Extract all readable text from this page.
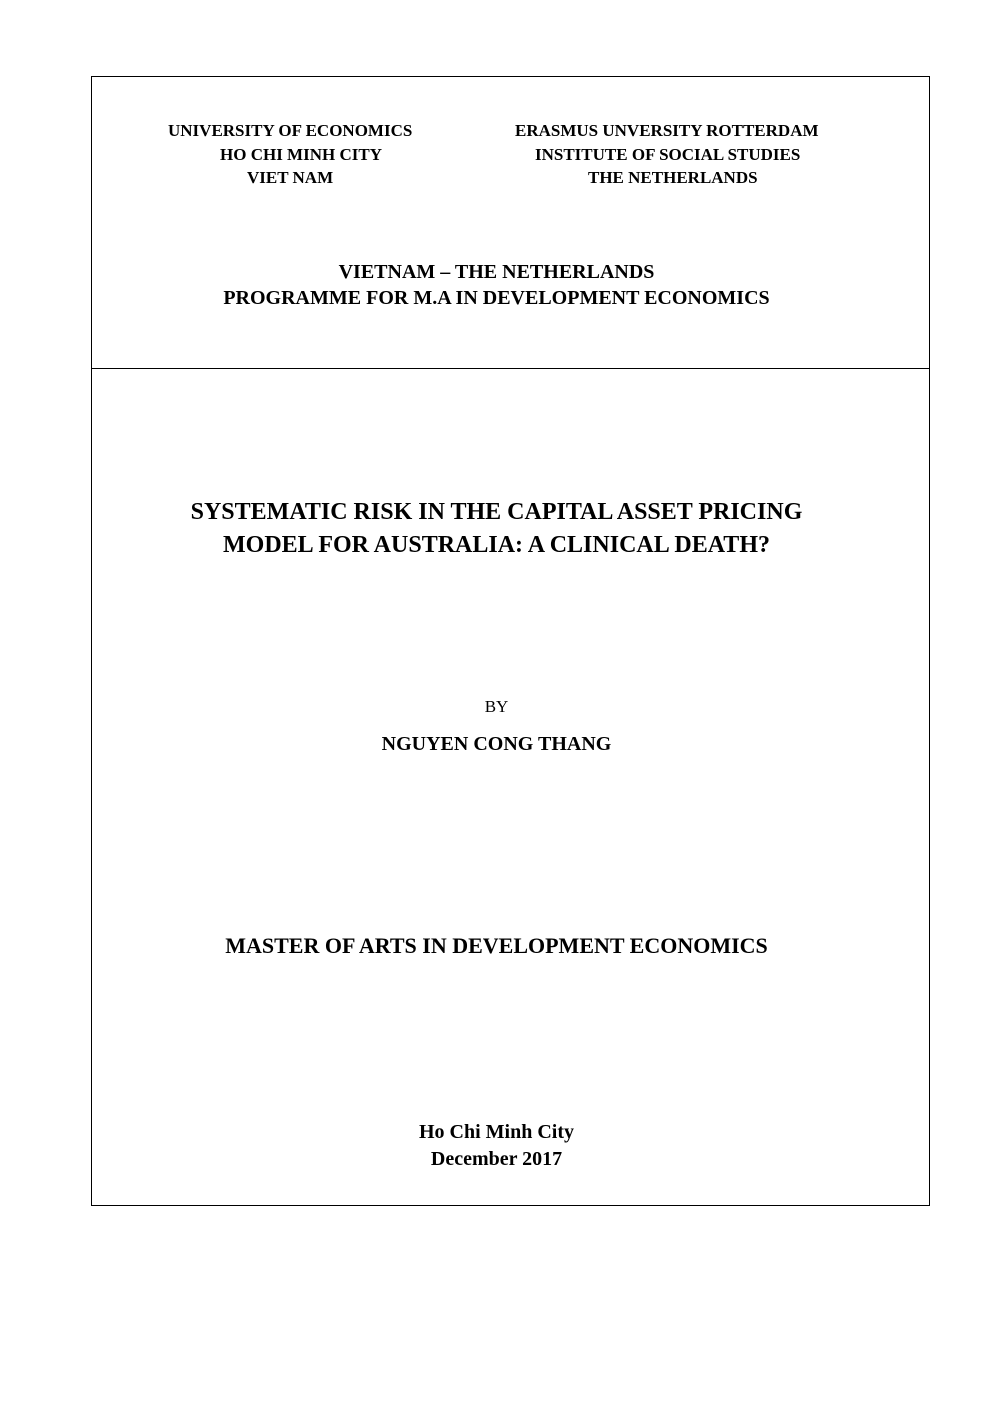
UNIVERSITY OF ECONOMICS
HO CHI MINH CITY
VIET NAM
ERASMUS UNVERSITY ROTTERDAM
INSTITUTE OF SOCIAL STUDIES
THE NETHERLANDS
VIETNAM – THE NETHERLANDS
PROGRAMME FOR M.A IN DEVELOPMENT ECONOMICS
SYSTEMATIC RISK IN THE CAPITAL ASSET PRICING
MODEL FOR AUSTRALIA: A CLINICAL DEATH?
BY
NGUYEN CONG THANG
MASTER OF ARTS IN DEVELOPMENT ECONOMICS
Ho Chi Minh City
December 2017
